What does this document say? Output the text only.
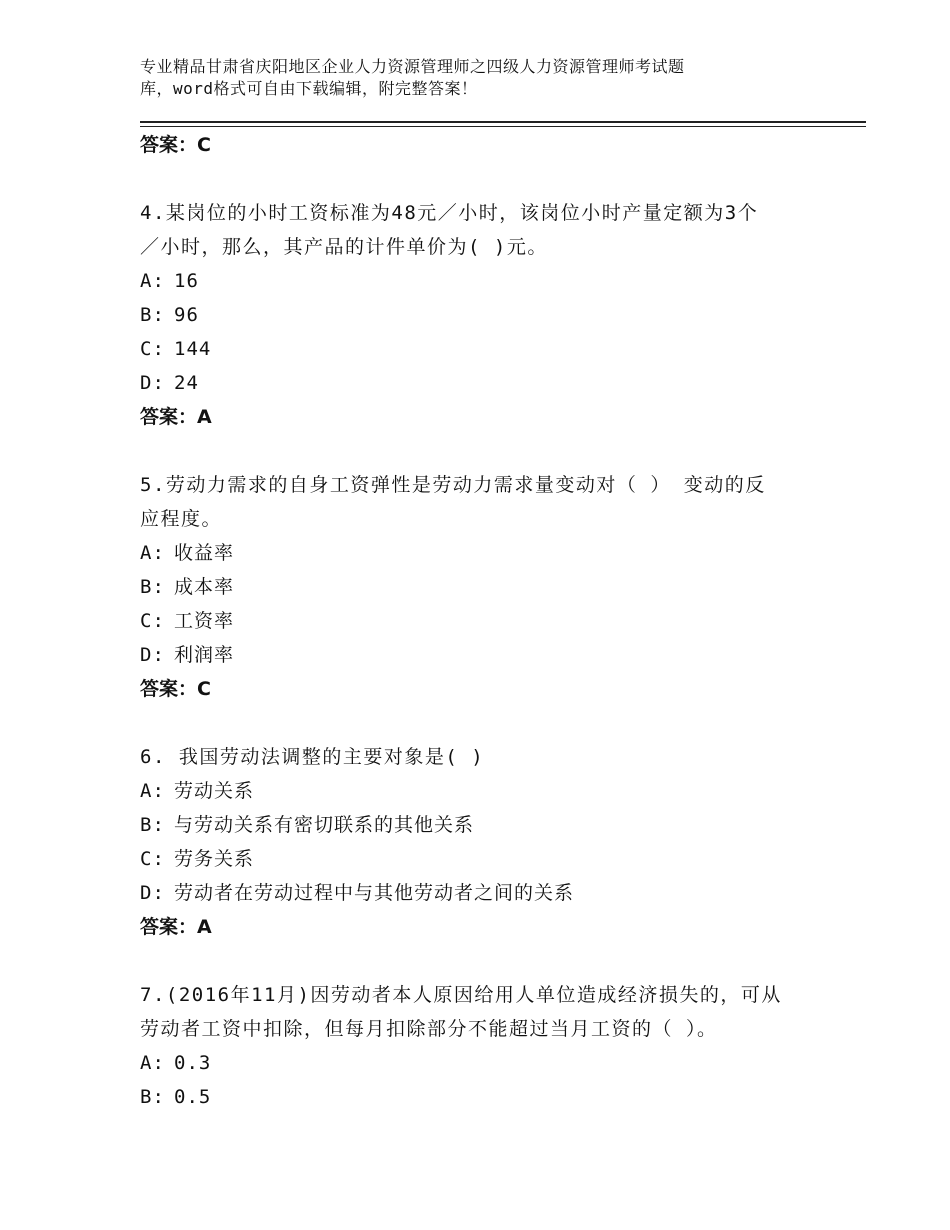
专业精品甘肃省庆阳地区企业人力资源管理师之四级人力资源管理师考试题
库，word格式可自由下载编辑，附完整答案！
答案：C
4.某岗位的小时工资标准为48元／小时，该岗位小时产量定额为3个
／小时，那么，其产品的计件单价为( )元。
A: 16
B: 96
C: 144
D: 24
答案：A
5.劳动力需求的自身工资弹性是劳动力需求量变动对（ ） 变动的反
应程度。
A: 收益率
B: 成本率
C: 工资率
D: 利润率
答案：C
6. 我国劳动法调整的主要对象是( )
A: 劳动关系
B: 与劳动关系有密切联系的其他关系
C: 劳务关系
D: 劳动者在劳动过程中与其他劳动者之间的关系
答案：A
7.(2016年11月)因劳动者本人原因给用人单位造成经济损失的，可从
劳动者工资中扣除，但每月扣除部分不能超过当月工资的（ ）。
A: 0.3
B: 0.5
